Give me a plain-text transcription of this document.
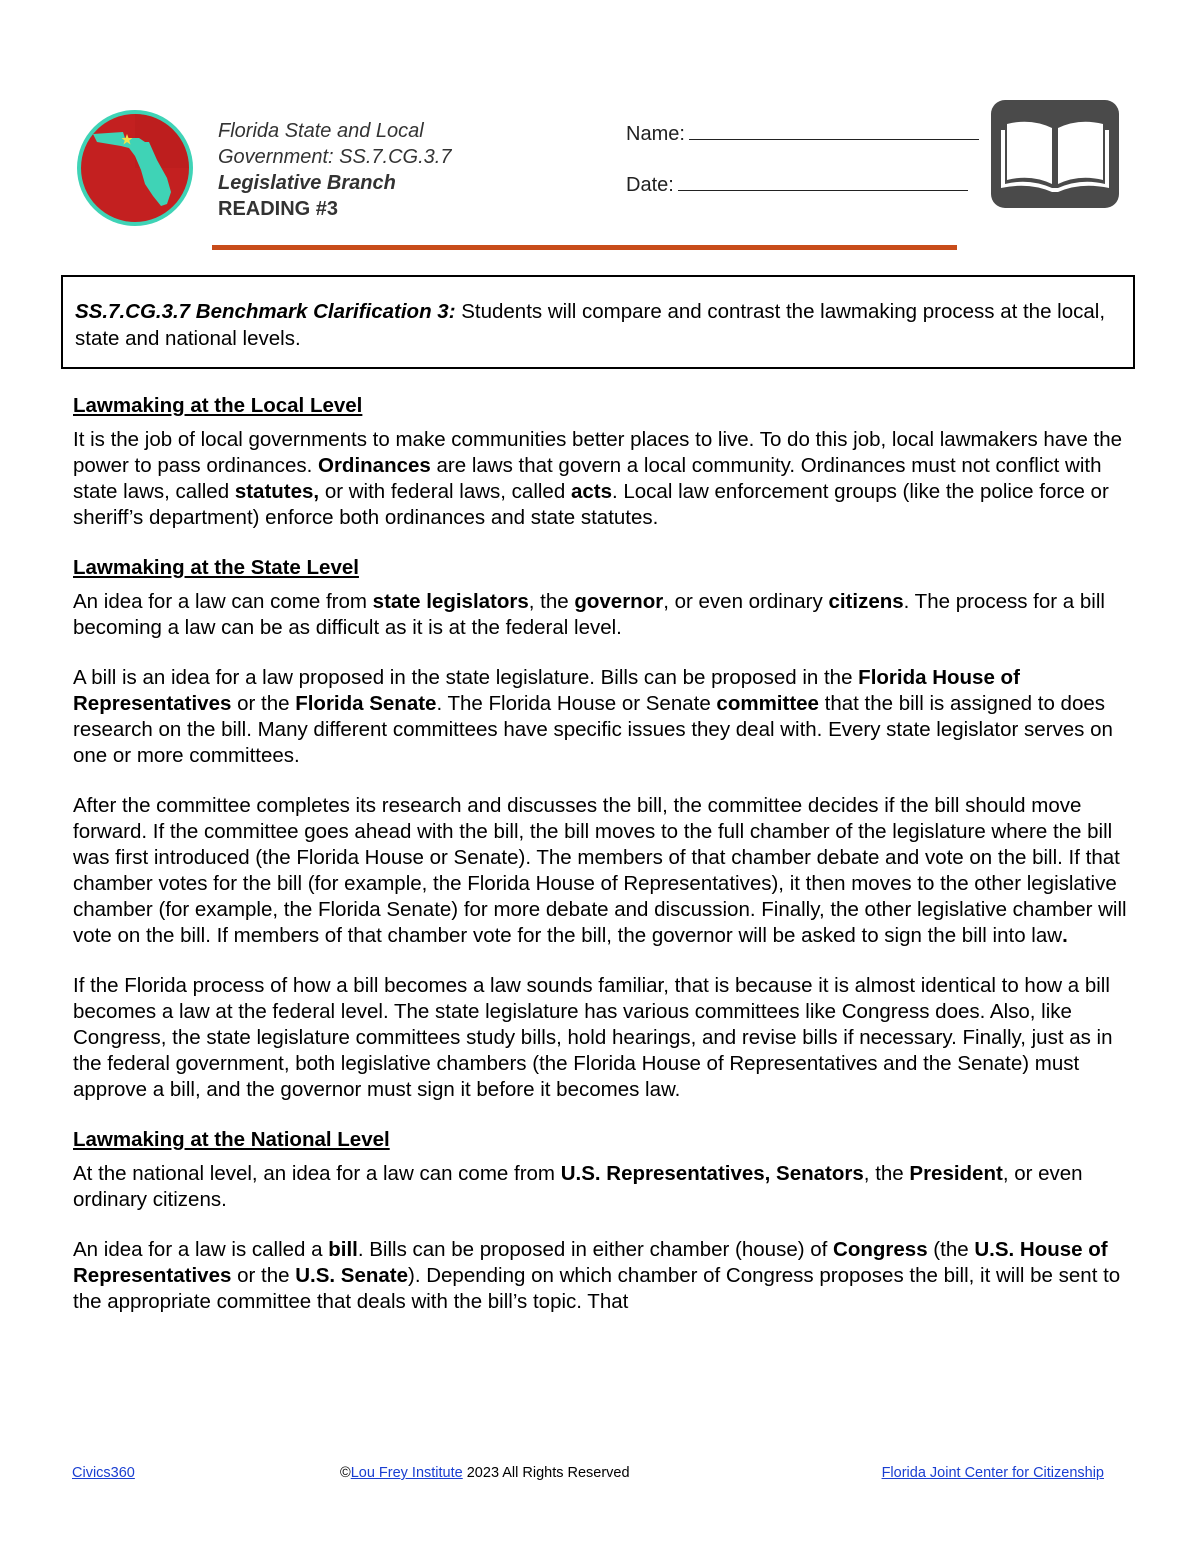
Florida State and Local
Government: SS.7.CG.3.7
Legislative Branch
READING #3
Name:
Date:
SS.7.CG.3.7 Benchmark Clarification 3: Students will compare and contrast the lawmaking process at the local, state and national levels.
Lawmaking at the Local Level

It is the job of local governments to make communities better places to live. To do this job, local lawmakers have the power to pass ordinances. Ordinances are laws that govern a local community. Ordinances must not conflict with state laws, called statutes, or with federal laws, called acts. Local law enforcement groups (like the police force or sheriff’s department) enforce both ordinances and state statutes.

Lawmaking at the State Level

An idea for a law can come from state legislators, the governor, or even ordinary citizens. The process for a bill becoming a law can be as difficult as it is at the federal level.

A bill is an idea for a law proposed in the state legislature. Bills can be proposed in the Florida House of Representatives or the Florida Senate. The Florida House or Senate committee that the bill is assigned to does research on the bill. Many different committees have specific issues they deal with. Every state legislator serves on one or more committees.

After the committee completes its research and discusses the bill, the committee decides if the bill should move forward. If the committee goes ahead with the bill, the bill moves to the full chamber of the legislature where the bill was first introduced (the Florida House or Senate). The members of that chamber debate and vote on the bill. If that chamber votes for the bill (for example, the Florida House of Representatives), it then moves to the other legislative chamber (for example, the Florida Senate) for more debate and discussion. Finally, the other legislative chamber will vote on the bill. If members of that chamber vote for the bill, the governor will be asked to sign the bill into law.

If the Florida process of how a bill becomes a law sounds familiar, that is because it is almost identical to how a bill becomes a law at the federal level. The state legislature has various committees like Congress does. Also, like Congress, the state legislature committees study bills, hold hearings, and revise bills if necessary. Finally, just as in the federal government, both legislative chambers (the Florida House of Representatives and the Senate) must approve a bill, and the governor must sign it before it becomes law.

Lawmaking at the National Level

At the national level, an idea for a law can come from U.S. Representatives, Senators, the President, or even ordinary citizens.

An idea for a law is called a bill. Bills can be proposed in either chamber (house) of Congress (the U.S. House of Representatives or the U.S. Senate). Depending on which chamber of Congress proposes the bill, it will be sent to the appropriate committee that deals with the bill’s topic. That

Civics360	©Lou Frey Institute 2023 All Rights Reserved	Florida Joint Center for Citizenship
